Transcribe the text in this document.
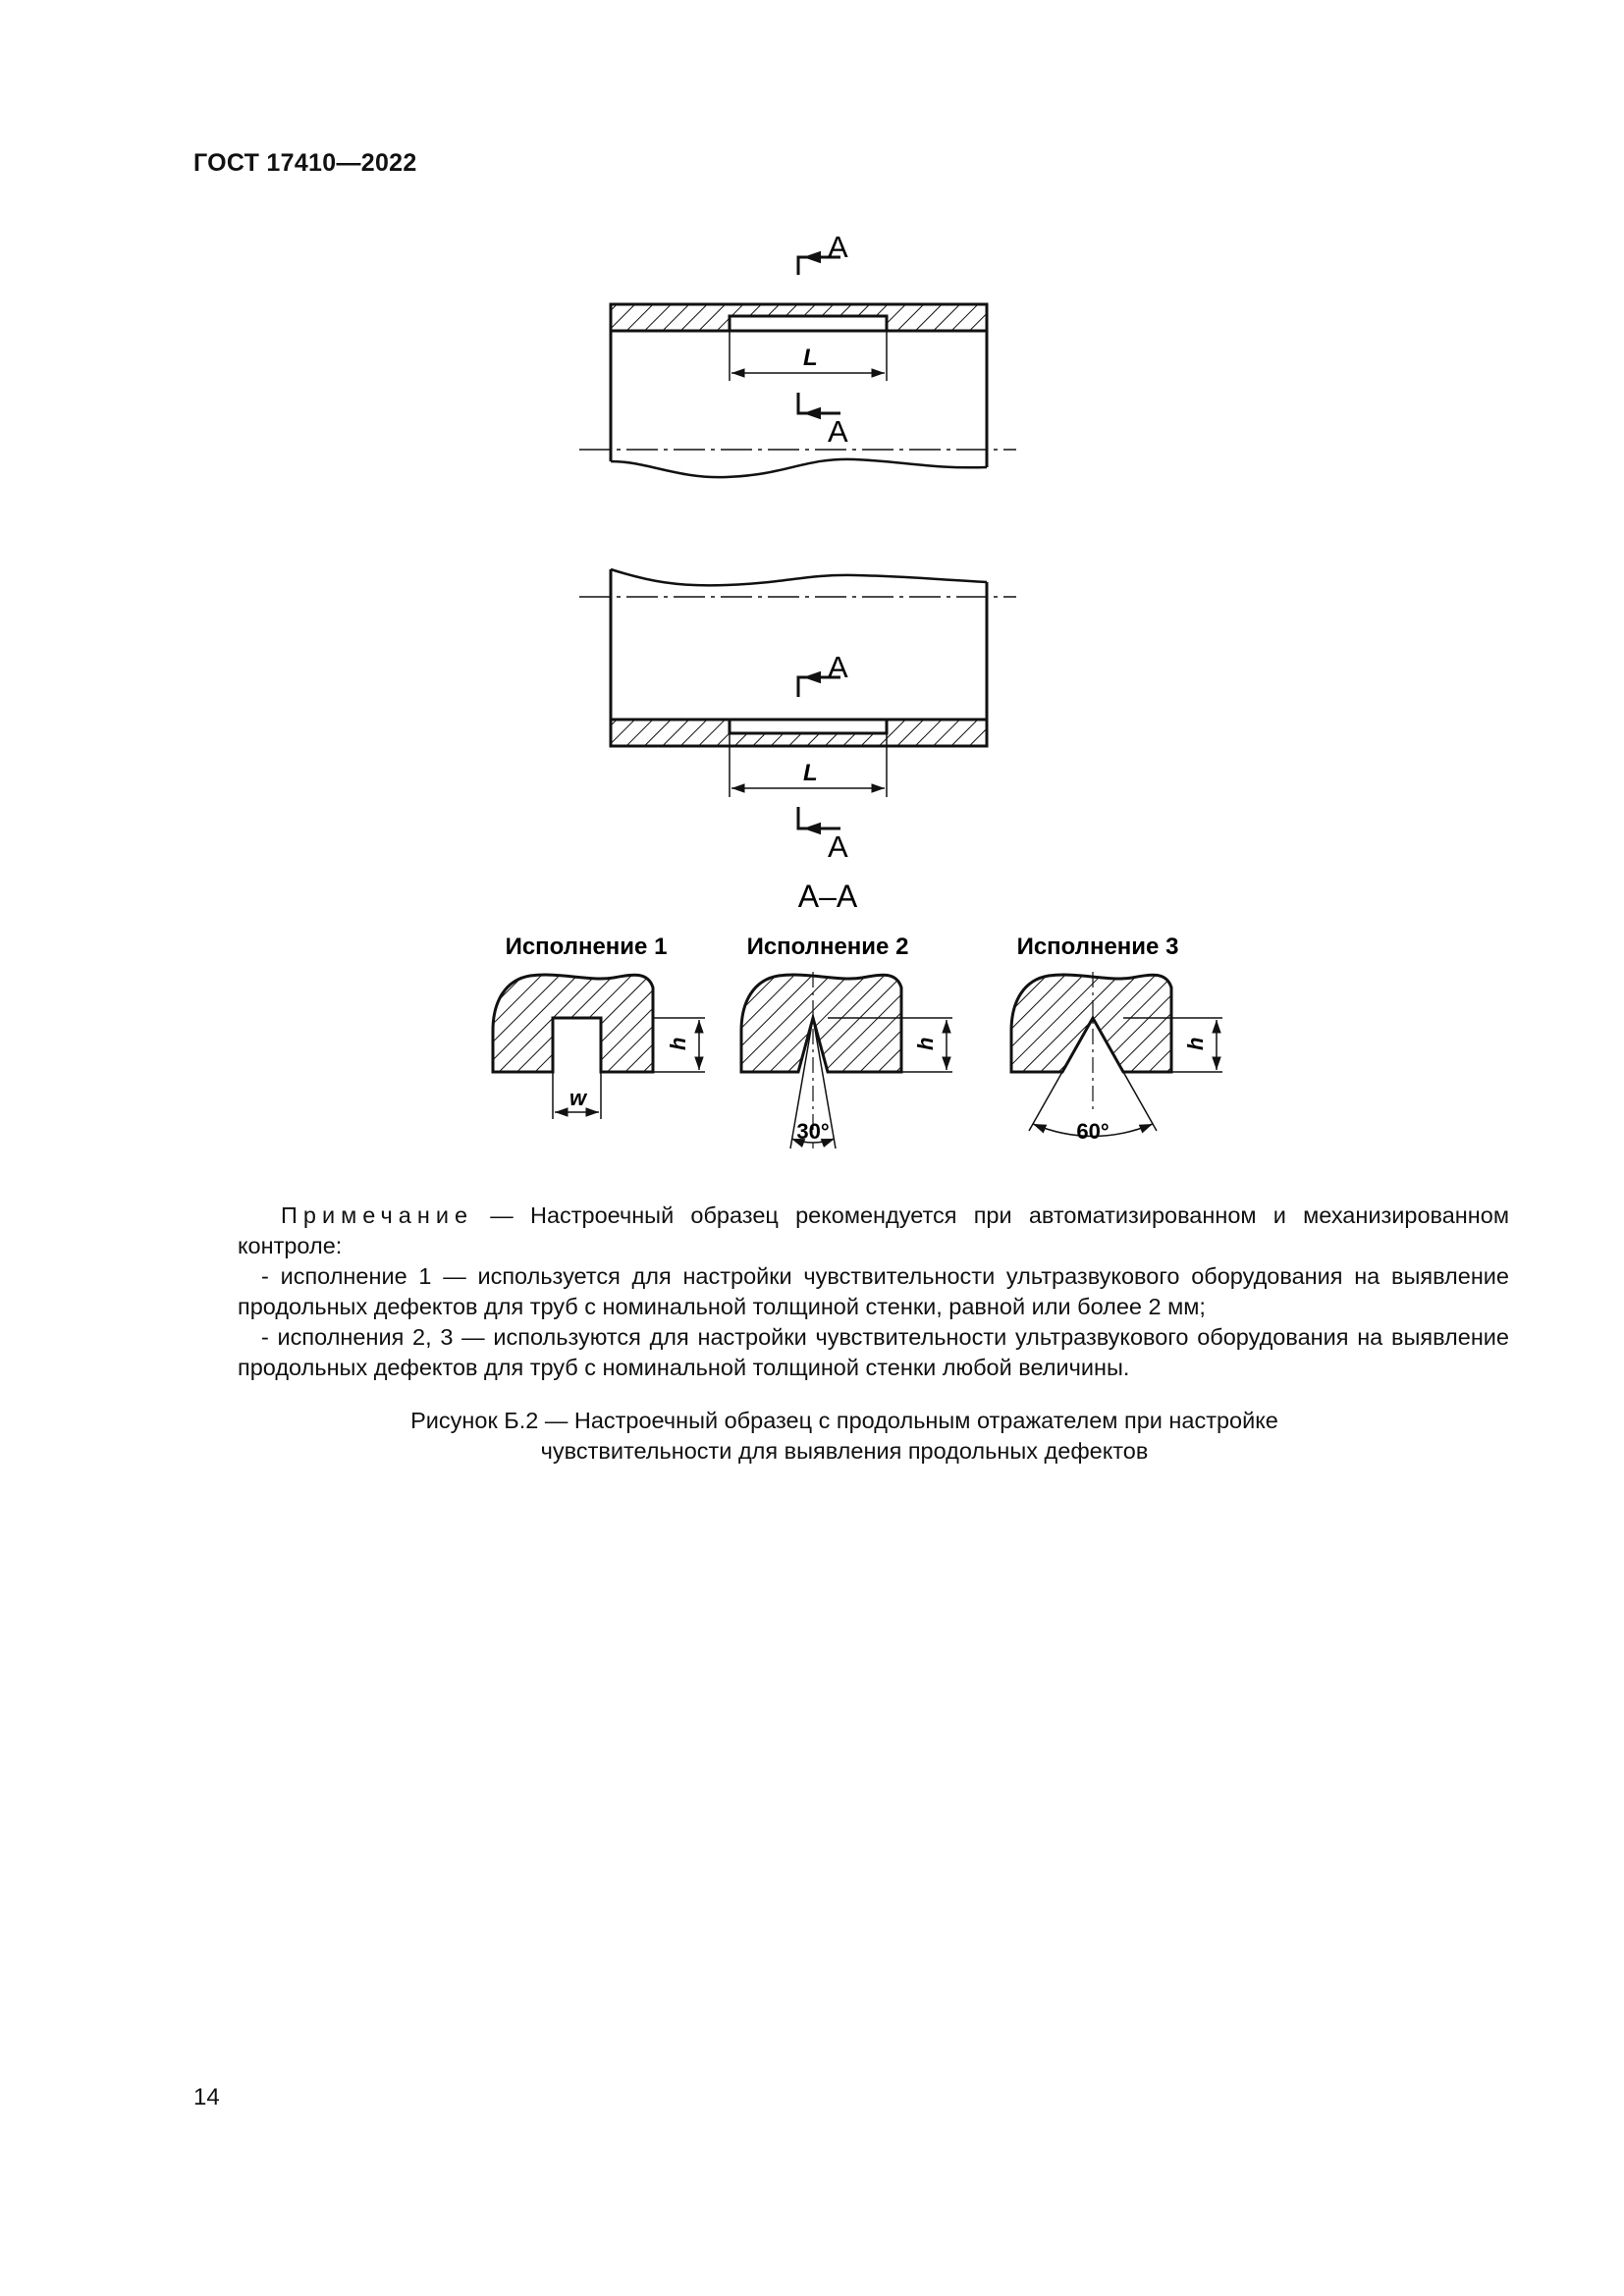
ГОСТ 17410—2022
A
A
L
A
A
L
A–A
Исполнение 1	Исполнение 2	Исполнение 3
w
h
30°
h
60°
h

Примечание — Настроечный образец рекомендуется при автоматизированном и механизированном контроле:

- исполнение 1 — используется для настройки чувствительности ультразвукового оборудования на выявление продольных дефектов для труб с номинальной толщиной стенки, равной или более 2 мм;

- исполнения 2, 3 — используются для настройки чувствительности ультразвукового оборудования на выявление продольных дефектов для труб с номинальной толщиной стенки любой величины.

Рисунок Б.2 — Настроечный образец с продольным отражателем при настройке
чувствительности для выявления продольных дефектов
14
